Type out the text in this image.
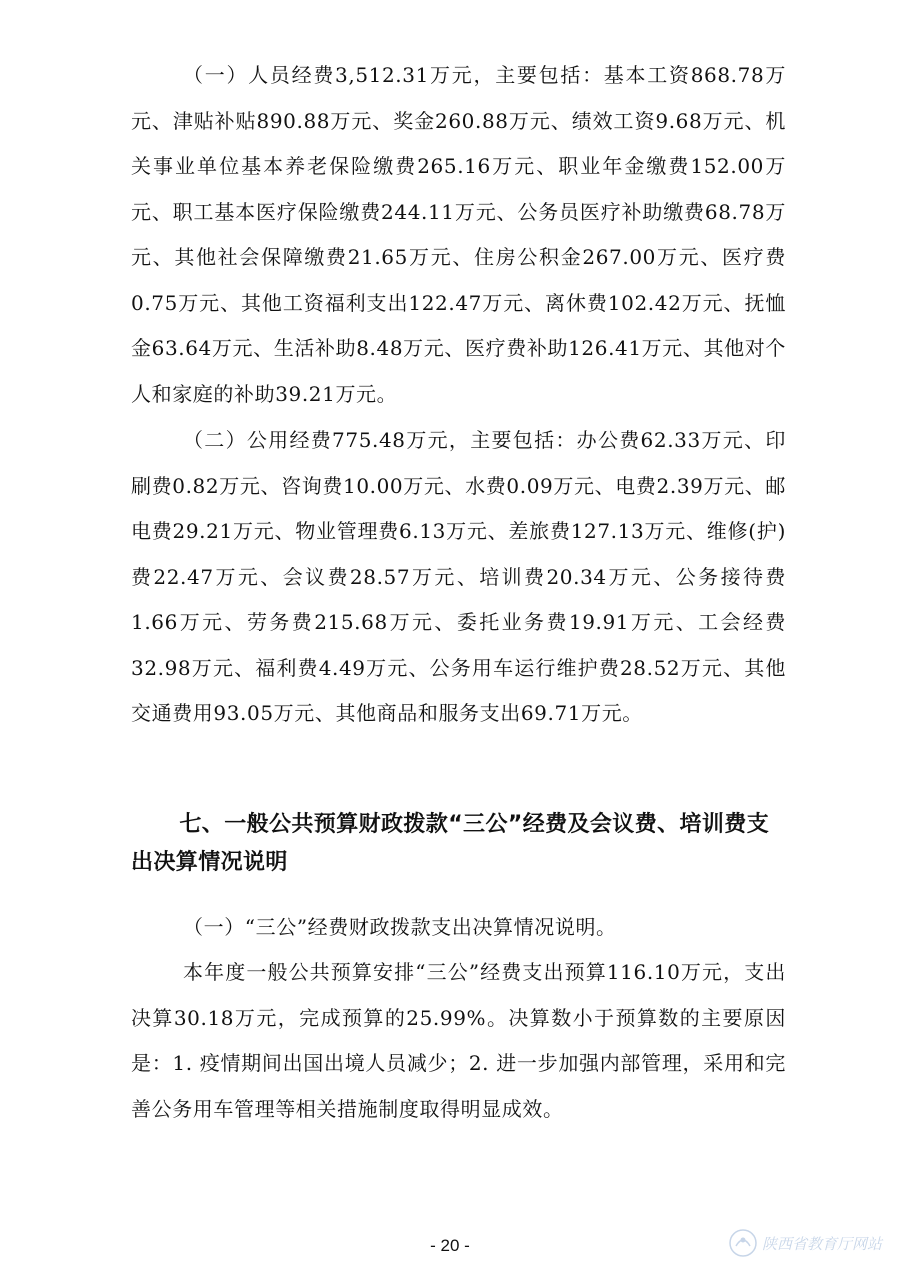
（一）人员经费3,512.31万元，主要包括：基本工资868.78万元、津贴补贴890.88万元、奖金260.88万元、绩效工资9.68万元、机关事业单位基本养老保险缴费265.16万元、职业年金缴费152.00万元、职工基本医疗保险缴费244.11万元、公务员医疗补助缴费68.78万元、其他社会保障缴费21.65万元、住房公积金267.00万元、医疗费0.75万元、其他工资福利支出122.47万元、离休费102.42万元、抚恤金63.64万元、生活补助8.48万元、医疗费补助126.41万元、其他对个人和家庭的补助39.21万元。

（二）公用经费775.48万元，主要包括：办公费62.33万元、印刷费0.82万元、咨询费10.00万元、水费0.09万元、电费2.39万元、邮电费29.21万元、物业管理费6.13万元、差旅费127.13万元、维修(护)费22.47万元、会议费28.57万元、培训费20.34万元、公务接待费1.66万元、劳务费215.68万元、委托业务费19.91万元、工会经费32.98万元、福利费4.49万元、公务用车运行维护费28.52万元、其他交通费用93.05万元、其他商品和服务支出69.71万元。

七、一般公共预算财政拨款“三公”经费及会议费、培训费支出决算情况说明

（一）“三公”经费财政拨款支出决算情况说明。

本年度一般公共预算安排“三公”经费支出预算116.10万元，支出决算30.18万元，完成预算的25.99%。决算数小于预算数的主要原因是：1. 疫情期间出国出境人员减少；2. 进一步加强内部管理，采用和完善公务用车管理等相关措施制度取得明显成效。

- 20 -	陕西省教育厅网站
